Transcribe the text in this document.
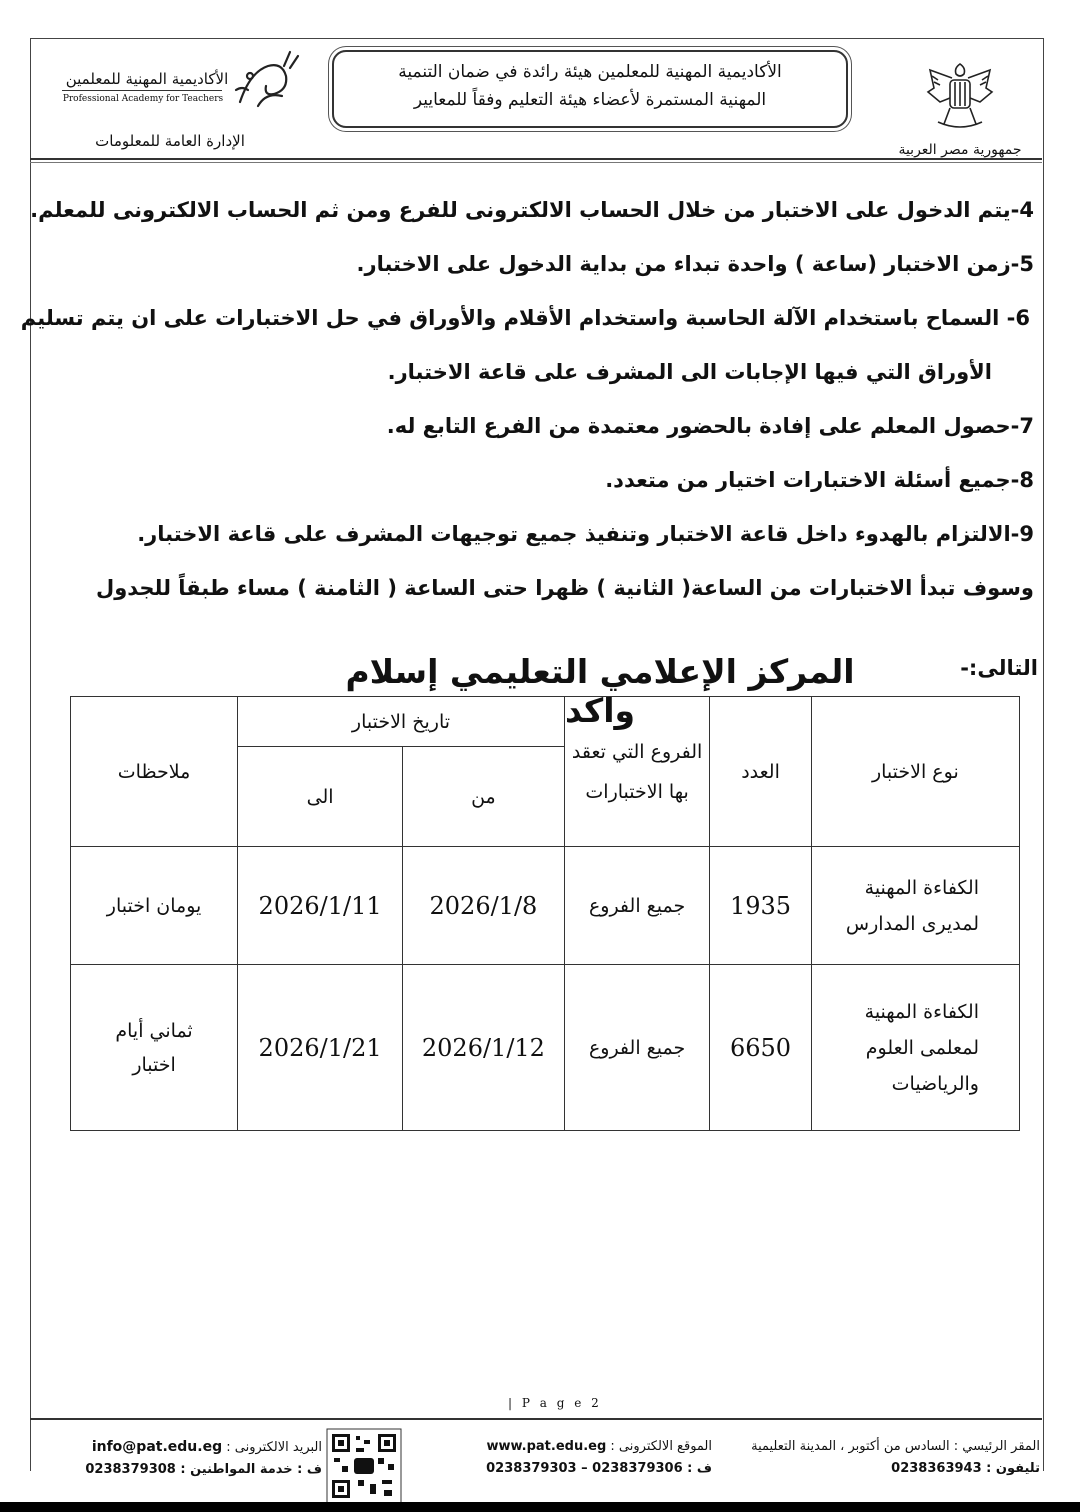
جمهورية مصر العربية
الأكاديمية المهنية للمعلمين هيئة رائدة في ضمان التنمية
المهنية المستمرة لأعضاء هيئة التعليم وفقاً للمعايير
الأكاديمية المهنية للمعلمين
Professional Academy for Teachers
الإدارة العامة للمعلومات
4-يتم الدخول على الاختبار من خلال الحساب الالكترونى للفرع ومن ثم الحساب الالكترونى للمعلم.
5-زمن الاختبار (ساعة ) واحدة تبداء من بداية الدخول على الاختبار.
6- السماح باستخدام الآلة الحاسبة واستخدام الأقلام والأوراق في حل الاختبارات على ان يتم تسليم
الأوراق التي فيها الإجابات الى المشرف على قاعة الاختبار.
7-حصول المعلم على إفادة بالحضور معتمدة من الفرع التابع له.
8-جميع أسئلة الاختبارات اختيار من متعدد.
9-الالتزام بالهدوء داخل قاعة الاختبار وتنفيذ جميع توجيهات المشرف على قاعة الاختبار.
وسوف تبدأ الاختبارات من الساعة( الثانية ) ظهرا حتى الساعة ( الثامنة ) مساء طبقاً للجدول
التالى:-
المركز الإعلامي التعليمي إسلام واكد
نوع الاختبار	العدد	الفروع التي تعقد بها الاختبارات	تاريخ الاختبار		ملاحظات
			من	الى	
الكفاءة المهنية لمديرى المدارس	1935	جميع الفروع	2026/1/8	2026/1/11	يومان اختبار
الكفاءة المهنية لمعلمى العلوم والرياضيات	6650	جميع الفروع	2026/1/12	2026/1/21	ثماني أيام اختبار
| P a g e 2
المقر الرئيسي : السادس من أكتوبر ، المدينة التعليمية
تليفون : 0238363943
الموقع الالكترونى : www.pat.edu.eg
ف : 0238379306 – 0238379303
البريد الالكترونى : info@pat.edu.eg
ف : خدمة المواطنين : 0238379308
